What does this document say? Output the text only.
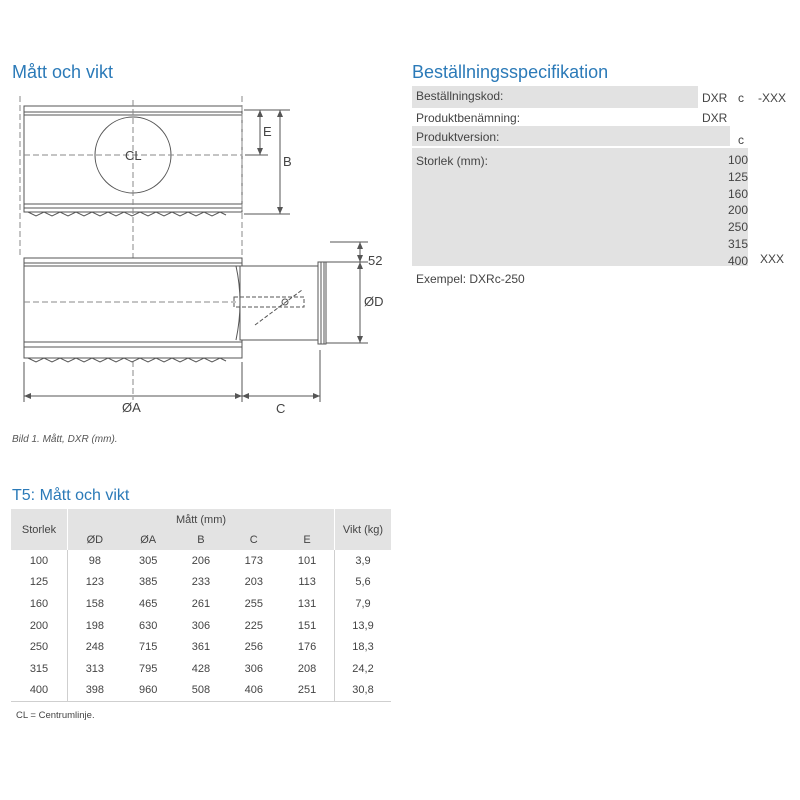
Mått och vikt	Beställningsspecifikation
CL
E
B
52
ØD
ØA	C
Bild 1. Mått, DXR (mm).
Beställningskod:	DXR c -XXX
Produktbenämning:	DXR
Produktversion:	c
Storlek (mm):	100
125
160
200
250
315
400 XXX
Exempel: DXRc-250
T5: Mått och vikt
Storlek	Mått (mm)					Vikt (kg)
	ØD	ØA	B	C	E	
100	98	305	206	173	101	3,9
125	123	385	233	203	113	5,6
160	158	465	261	255	131	7,9
200	198	630	306	225	151	13,9
250	248	715	361	256	176	18,3
315	313	795	428	306	208	24,2
400	398	960	508	406	251	30,8
CL = Centrumlinje.
